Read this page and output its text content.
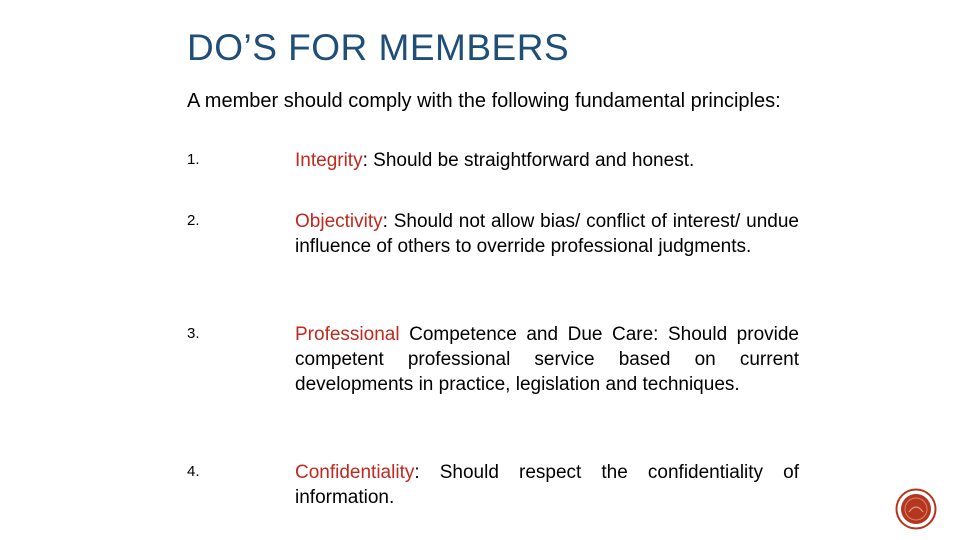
DO’S FOR MEMBERS
A member should comply with the following fundamental principles:
1.	Integrity: Should be straightforward and honest.
2.	Objectivity: Should not allow bias/ conflict of interest/ undue influence of others to override professional judgments.
3.	Professional Competence and Due Care: Should provide competent professional service based on current developments in practice, legislation and techniques.
4.	Confidentiality: Should respect the confidentiality of information.
